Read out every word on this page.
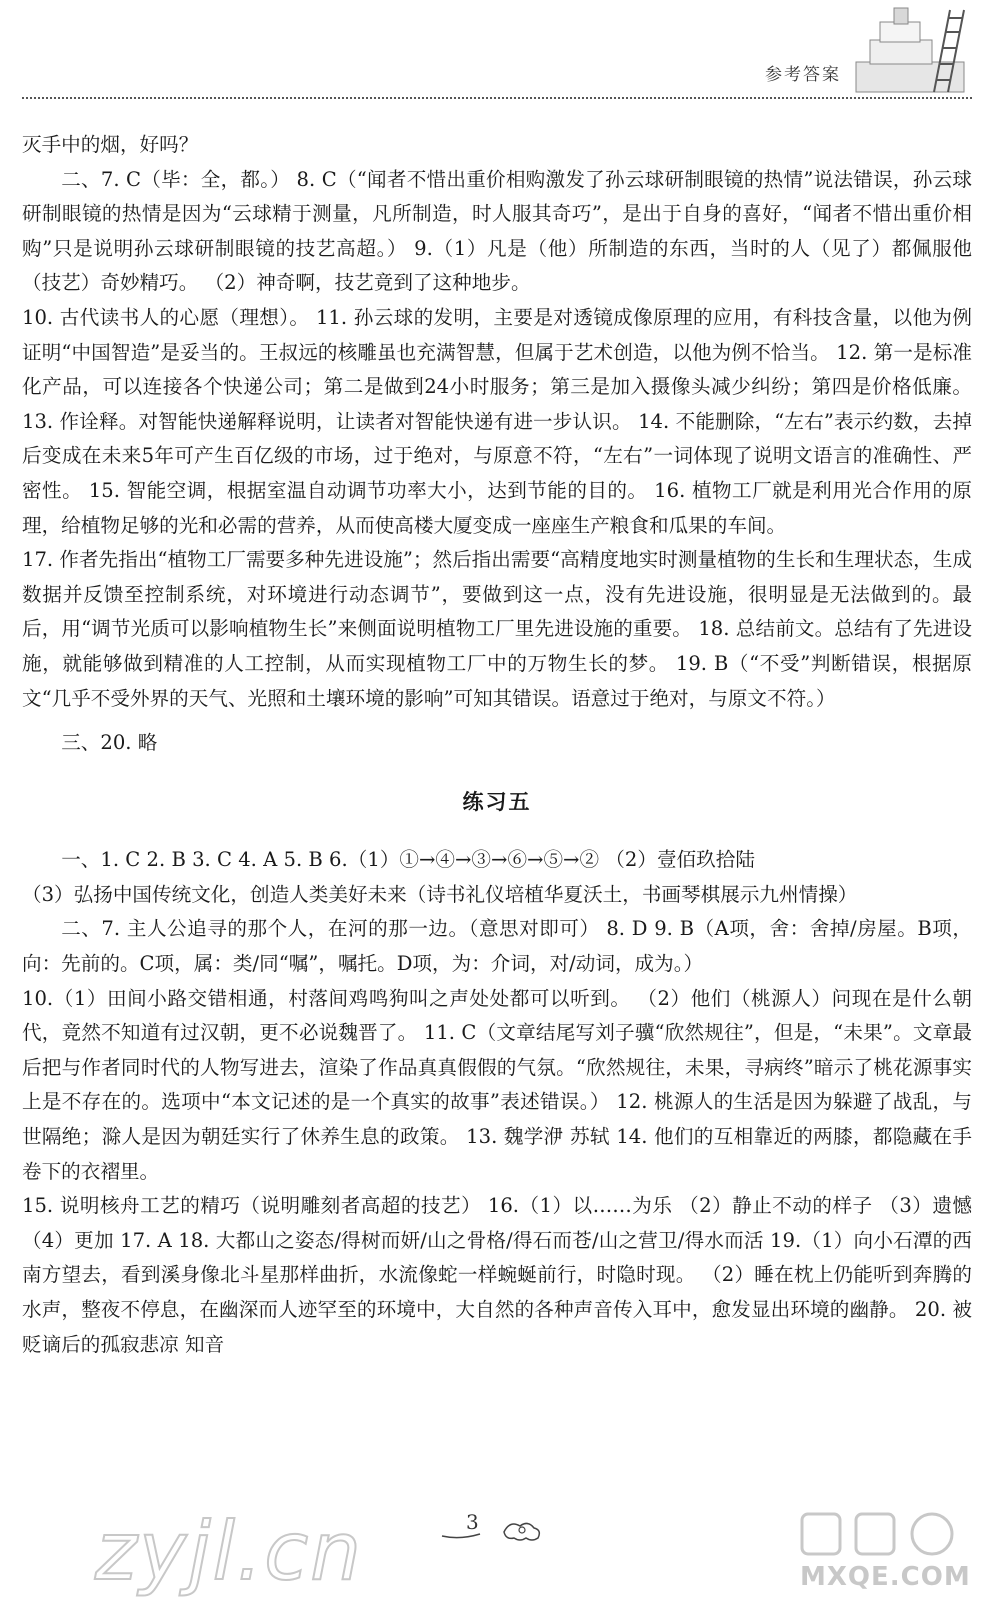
参考答案

灭手中的烟，好吗？

二、7. C（毕：全，都。） 8. C（“闻者不惜出重价相购激发了孙云球研制眼镜的热情”说法错误，孙云球研制眼镜的热情是因为“云球精于测量，凡所制造，时人服其奇巧”，是出于自身的喜好，“闻者不惜出重价相购”只是说明孙云球研制眼镜的技艺高超。） 9.（1）凡是（他）所制造的东西，当时的人（见了）都佩服他（技艺）奇妙精巧。 （2）神奇啊，技艺竟到了这种地步。

10. 古代读书人的心愿（理想）。 11. 孙云球的发明，主要是对透镜成像原理的应用，有科技含量，以他为例证明“中国智造”是妥当的。王叔远的核雕虽也充满智慧，但属于艺术创造，以他为例不恰当。 12. 第一是标准化产品，可以连接各个快递公司；第二是做到24小时服务；第三是加入摄像头减少纠纷；第四是价格低廉。 13. 作诠释。对智能快递解释说明，让读者对智能快递有进一步认识。 14. 不能删除，“左右”表示约数，去掉后变成在未来5年可产生百亿级的市场，过于绝对，与原意不符，“左右”一词体现了说明文语言的准确性、严密性。 15. 智能空调，根据室温自动调节功率大小，达到节能的目的。 16. 植物工厂就是利用光合作用的原理，给植物足够的光和必需的营养，从而使高楼大厦变成一座座生产粮食和瓜果的车间。

17. 作者先指出“植物工厂需要多种先进设施”；然后指出需要“高精度地实时测量植物的生长和生理状态，生成数据并反馈至控制系统，对环境进行动态调节”，要做到这一点，没有先进设施，很明显是无法做到的。最后，用“调节光质可以影响植物生长”来侧面说明植物工厂里先进设施的重要。 18. 总结前文。总结有了先进设施，就能够做到精准的人工控制，从而实现植物工厂中的万物生长的梦。 19. B（“不受”判断错误，根据原文“几乎不受外界的天气、光照和土壤环境的影响”可知其错误。语意过于绝对，与原文不符。）

三、20. 略

练习五

一、1. C 2. B 3. C 4. A 5. B 6.（1）①→④→③→⑥→⑤→② （2）壹佰玖拾陆

（3）弘扬中国传统文化，创造人类美好未来（诗书礼仪培植华夏沃土，书画琴棋展示九州情操）

二、7. 主人公追寻的那个人，在河的那一边。（意思对即可） 8. D 9. B（A项，舍：舍掉/房屋。B项，向：先前的。C项，属：类/同“嘱”，嘱托。D项，为：介词，对/动词，成为。）

10.（1）田间小路交错相通，村落间鸡鸣狗叫之声处处都可以听到。 （2）他们（桃源人）问现在是什么朝代，竟然不知道有过汉朝，更不必说魏晋了。 11. C（文章结尾写刘子骥“欣然规往”，但是，“未果”。文章最后把与作者同时代的人物写进去，渲染了作品真真假假的气氛。“欣然规往，未果，寻病终”暗示了桃花源事实上是不存在的。选项中“本文记述的是一个真实的故事”表述错误。） 12. 桃源人的生活是因为躲避了战乱，与世隔绝；滁人是因为朝廷实行了休养生息的政策。 13. 魏学洢 苏轼 14. 他们的互相靠近的两膝，都隐藏在手卷下的衣褶里。

15. 说明核舟工艺的精巧（说明雕刻者高超的技艺） 16.（1）以……为乐 （2）静止不动的样子 （3）遗憾 （4）更加 17. A 18. 大都山之姿态/得树而妍/山之骨格/得石而苍/山之营卫/得水而活 19.（1）向小石潭的西南方望去，看到溪身像北斗星那样曲折，水流像蛇一样蜿蜒前行，时隐时现。 （2）睡在枕上仍能听到奔腾的水声，整夜不停息，在幽深而人迹罕至的环境中，大自然的各种声音传入耳中，愈发显出环境的幽静。 20. 被贬谪后的孤寂悲凉 知音

3
zyjl.cn	MXQE.COM
